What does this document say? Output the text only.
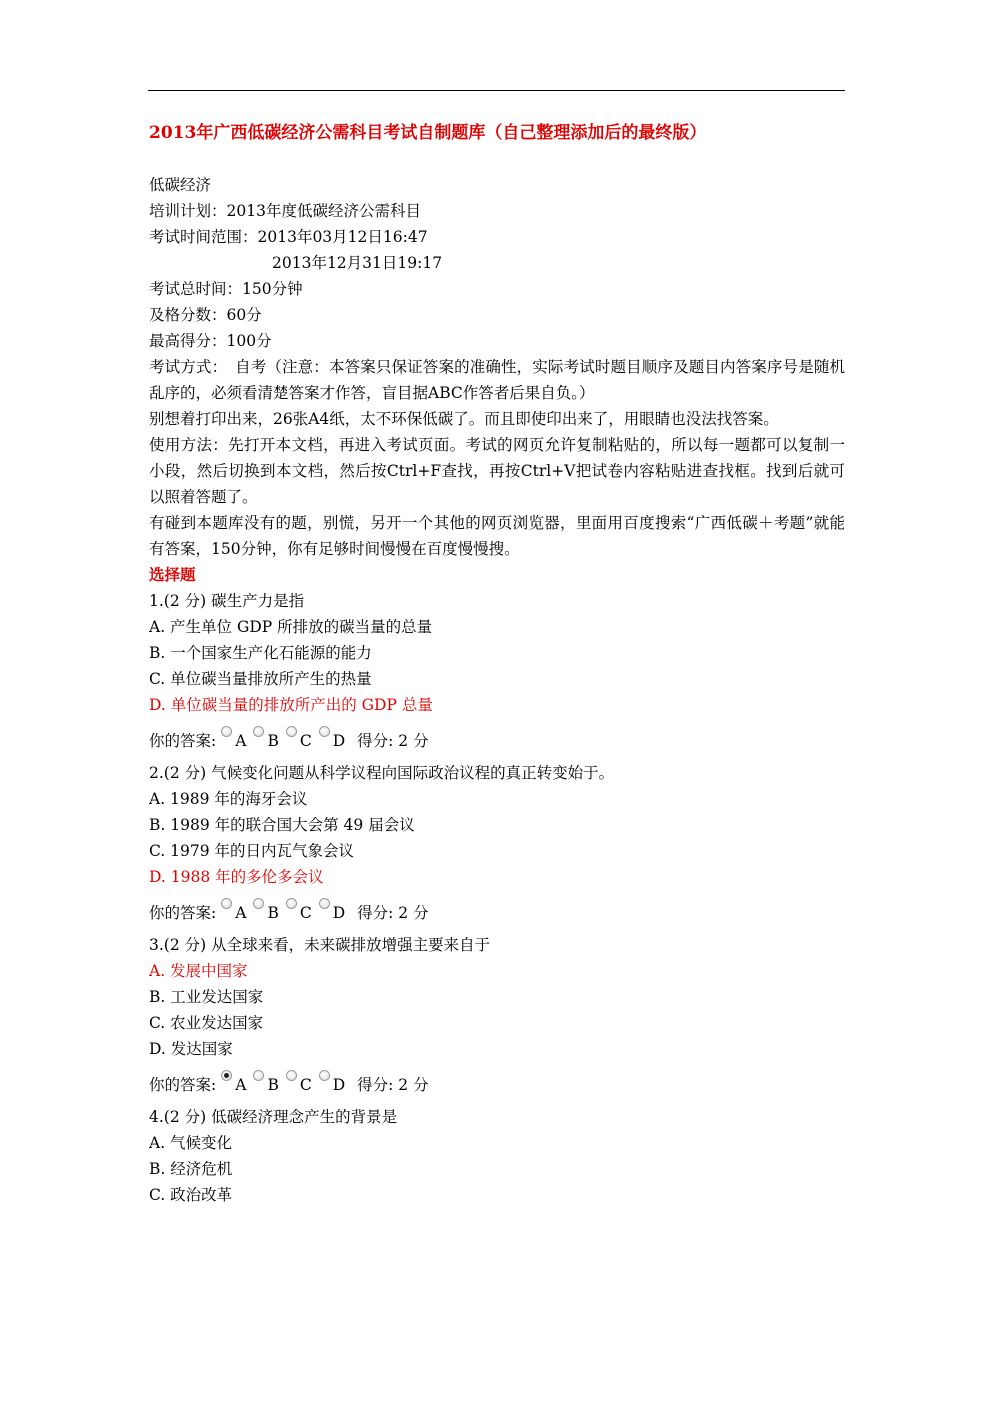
2013年广西低碳经济公需科目考试自制题库（自己整理添加后的最终版）

低碳经济

培训计划：2013年度低碳经济公需科目

考试时间范围：2013年03月12日16:47

2013年12月31日19:17

考试总时间：150分钟

及格分数：60分

最高得分：100分

考试方式：　自考（注意：本答案只保证答案的准确性，实际考试时题目顺序及题目内答案序号是随机乱序的，必须看清楚答案才作答，盲目据ABC作答者后果自负。）

别想着打印出来，26张A4纸，太不环保低碳了。而且即使印出来了，用眼睛也没法找答案。

使用方法：先打开本文档，再进入考试页面。考试的网页允许复制粘贴的，所以每一题都可以复制一小段，然后切换到本文档，然后按Ctrl+F查找，再按Ctrl+V把试卷内容粘贴进查找框。找到后就可以照着答题了。

有碰到本题库没有的题，别慌，另开一个其他的网页浏览器，里面用百度搜索“广西低碳＋考题”就能有答案，150分钟，你有足够时间慢慢在百度慢慢搜。

选择题

1.(2 分) 碳生产力是指

A. 产生单位 GDP 所排放的碳当量的总量

B. 一个国家生产化石能源的能力

C. 单位碳当量排放所产生的热量

D. 单位碳当量的排放所产出的 GDP 总量

你的答案: A B C D 得分: 2 分

2.(2 分) 气候变化问题从科学议程向国际政治议程的真正转变始于。

A. 1989 年的海牙会议

B. 1989 年的联合国大会第 49 届会议

C. 1979 年的日内瓦气象会议

D. 1988 年的多伦多会议

你的答案: A B C D 得分: 2 分

3.(2 分) 从全球来看，未来碳排放增强主要来自于

A. 发展中国家

B. 工业发达国家

C. 农业发达国家

D. 发达国家

你的答案: A B C D 得分: 2 分

4.(2 分) 低碳经济理念产生的背景是

A. 气候变化

B. 经济危机

C. 政治改革
